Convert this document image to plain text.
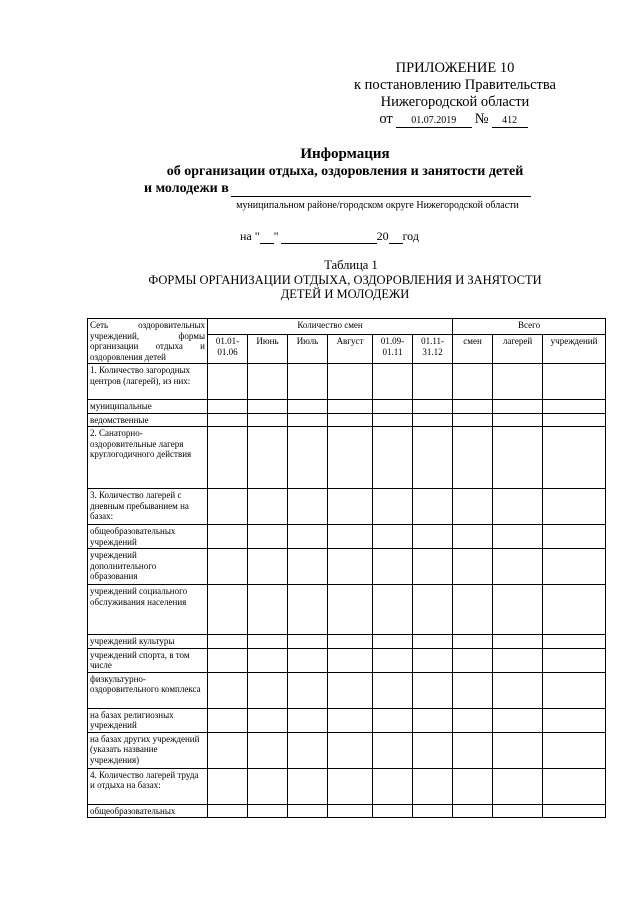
ПРИЛОЖЕНИЕ 10
к постановлению Правительства
Нижегородской области
от	01.07.2019	№	412
Информация
об организации отдыха, оздоровления и занятости детей
и молодежи в
муниципальном районе/городском округе Нижегородской области
на " "	20 год
Таблица 1
ФОРМЫ ОРГАНИЗАЦИИ ОТДЫХА, ОЗДОРОВЛЕНИЯ И ЗАНЯТОСТИ
ДЕТЕЙ И МОЛОДЕЖИ
Сеть оздоровительных учреждений, формы организации отдыха и оздоровления детей	Количество смен						Всего		
	01.01-01.06	Июнь	Июль	Август	01.09-01.11	01.11-31.12	смен	лагерей	учреждений
1. Количество загородных центров (лагерей), из них:									
муниципальные									
ведомственные									
2. Санаторно-оздоровительные лагеря круглогодичного действия									
3. Количество лагерей с дневным пребыванием на базах:									
общеобразовательных учреждений									
учреждений дополнительного образования									
учреждений социального обслуживания населения									
учреждений культуры									
учреждений спорта, в том числе									
физкультурно-оздоровительного комплекса									
на базах религиозных учреждений									
на базах других учреждений (указать название учреждения)									
4. Количество лагерей труда и отдыха на базах:									
общеобразовательных									
